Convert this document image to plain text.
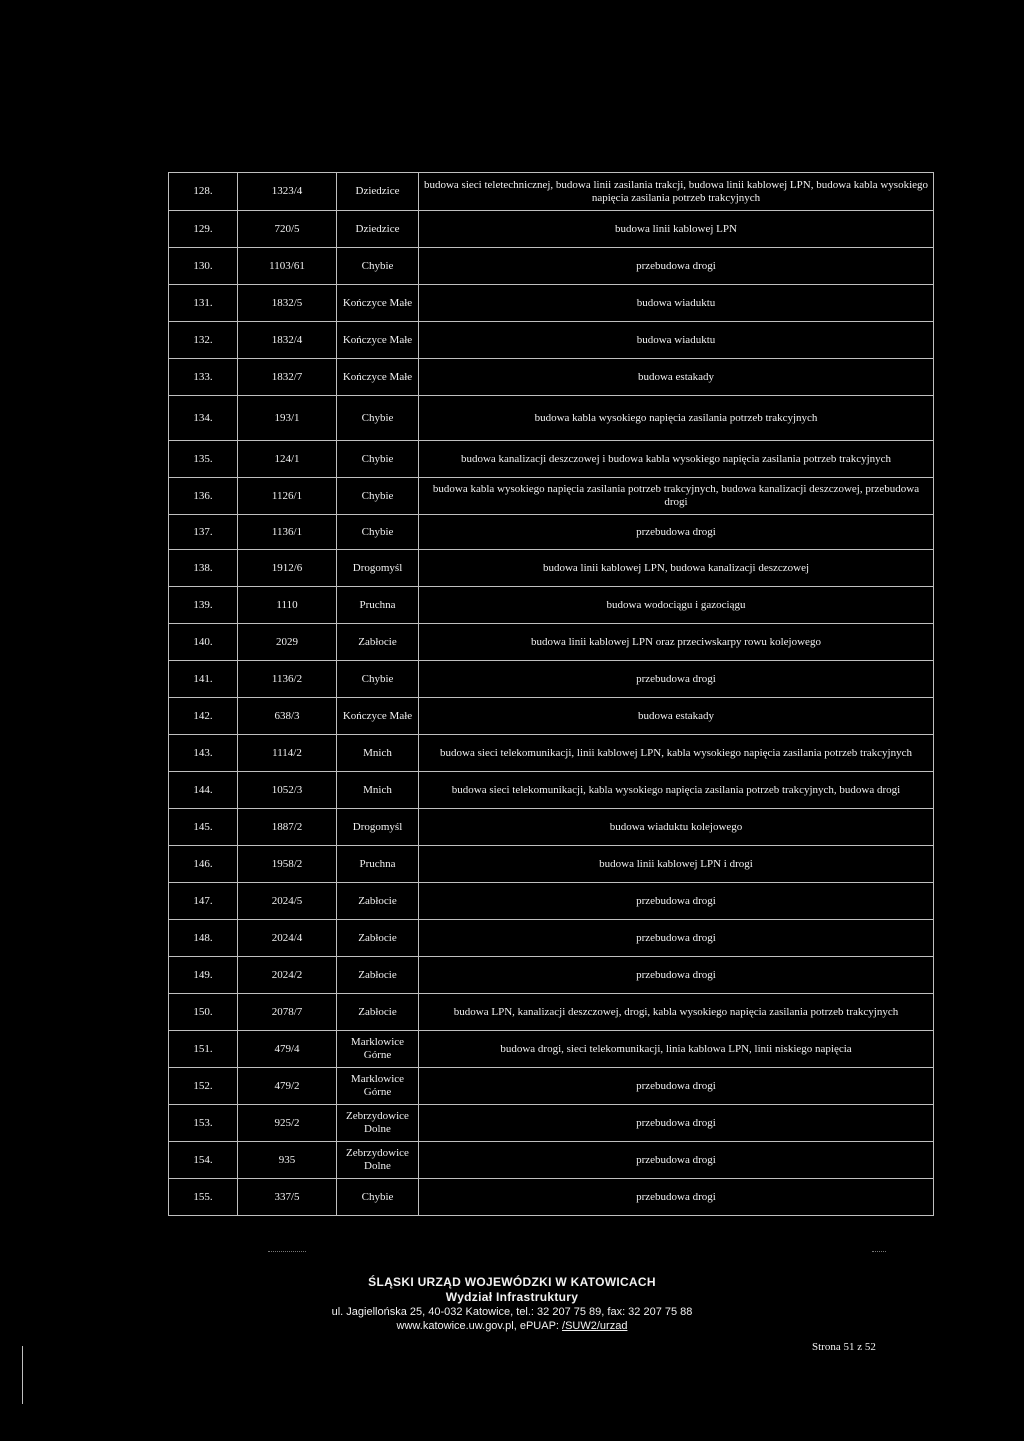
128.	1323/4	Dziedzice	budowa sieci teletechnicznej, budowa linii zasilania trakcji, budowa linii kablowej LPN, budowa kabla wysokiego napięcia zasilania potrzeb trakcyjnych
129.	720/5	Dziedzice	budowa linii kablowej LPN
130.	1103/61	Chybie	przebudowa drogi
131.	1832/5	Kończyce Małe	budowa wiaduktu
132.	1832/4	Kończyce Małe	budowa wiaduktu
133.	1832/7	Kończyce Małe	budowa estakady
134.	193/1	Chybie	budowa kabla wysokiego napięcia zasilania potrzeb trakcyjnych
135.	124/1	Chybie	budowa kanalizacji deszczowej i budowa kabla wysokiego napięcia zasilania potrzeb trakcyjnych
136.	1126/1	Chybie	budowa kabla wysokiego napięcia zasilania potrzeb trakcyjnych, budowa kanalizacji deszczowej, przebudowa drogi
137.	1136/1	Chybie	przebudowa drogi
138.	1912/6	Drogomyśl	budowa linii kablowej LPN, budowa kanalizacji deszczowej
139.	1110	Pruchna	budowa wodociągu i gazociągu
140.	2029	Zabłocie	budowa linii kablowej LPN oraz przeciwskarpy rowu kolejowego
141.	1136/2	Chybie	przebudowa drogi
142.	638/3	Kończyce Małe	budowa estakady
143.	1114/2	Mnich	budowa sieci telekomunikacji, linii kablowej LPN, kabla wysokiego napięcia zasilania potrzeb trakcyjnych
144.	1052/3	Mnich	budowa sieci telekomunikacji, kabla wysokiego napięcia zasilania potrzeb trakcyjnych, budowa drogi
145.	1887/2	Drogomyśl	budowa wiaduktu kolejowego
146.	1958/2	Pruchna	budowa linii kablowej LPN i drogi
147.	2024/5	Zabłocie	przebudowa drogi
148.	2024/4	Zabłocie	przebudowa drogi
149.	2024/2	Zabłocie	przebudowa drogi
150.	2078/7	Zabłocie	budowa LPN, kanalizacji deszczowej, drogi, kabla wysokiego napięcia zasilania potrzeb trakcyjnych
151.	479/4	Marklowice Górne	budowa drogi, sieci telekomunikacji, linia kablowa LPN, linii niskiego napięcia
152.	479/2	Marklowice Górne	przebudowa drogi
153.	925/2	Zebrzydowice Dolne	przebudowa drogi
154.	935	Zebrzydowice Dolne	przebudowa drogi
155.	337/5	Chybie	przebudowa drogi
ŚLĄSKI URZĄD WOJEWÓDZKI W KATOWICACH
Wydział Infrastruktury
ul. Jagiellońska 25, 40-032 Katowice, tel.: 32 207 75 89, fax: 32 207 75 88
www.katowice.uw.gov.pl, ePUAP: /SUW2/urzad
Strona 51 z 52
